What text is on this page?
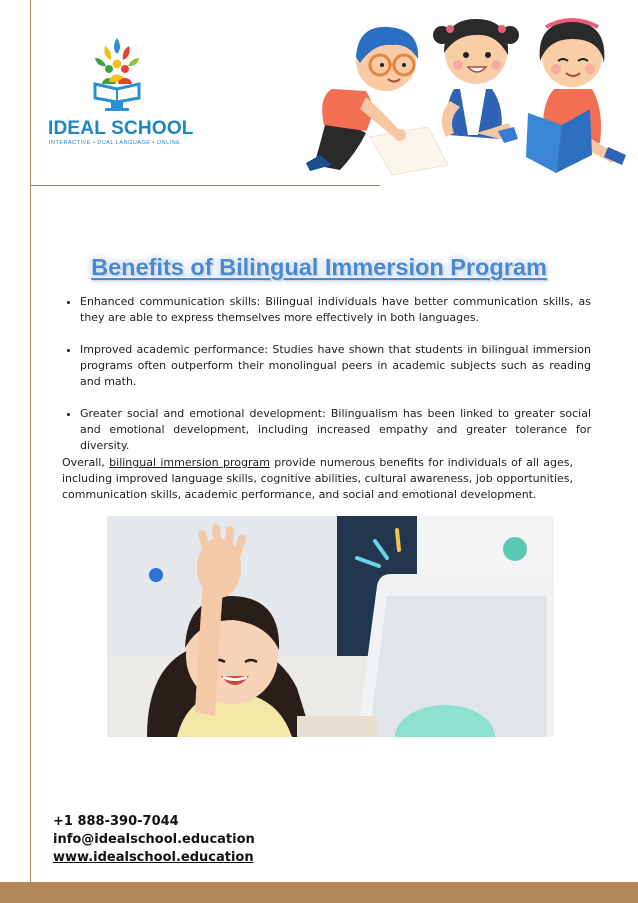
IDEAL SCHOOL
INTERACTIVE • DUAL LANGUAGE • ONLINE
Benefits of Bilingual Immersion Program
• Enhanced communication skills: Bilingual individuals have better communication skills, as they are able to express themselves more effectively in both languages.
• Improved academic performance: Studies have shown that students in bilingual immersion programs often outperform their monolingual peers in academic subjects such as reading and math.
• Greater social and emotional development: Bilingualism has been linked to greater social and emotional development, including increased empathy and greater tolerance for diversity.

Overall, bilingual immersion program provide numerous benefits for individuals of all ages, including improved language skills, cognitive abilities, cultural awareness, job opportunities, communication skills, academic performance, and social and emotional development.

+1 888-390-7044
info@idealschool.education
www.idealschool.education
